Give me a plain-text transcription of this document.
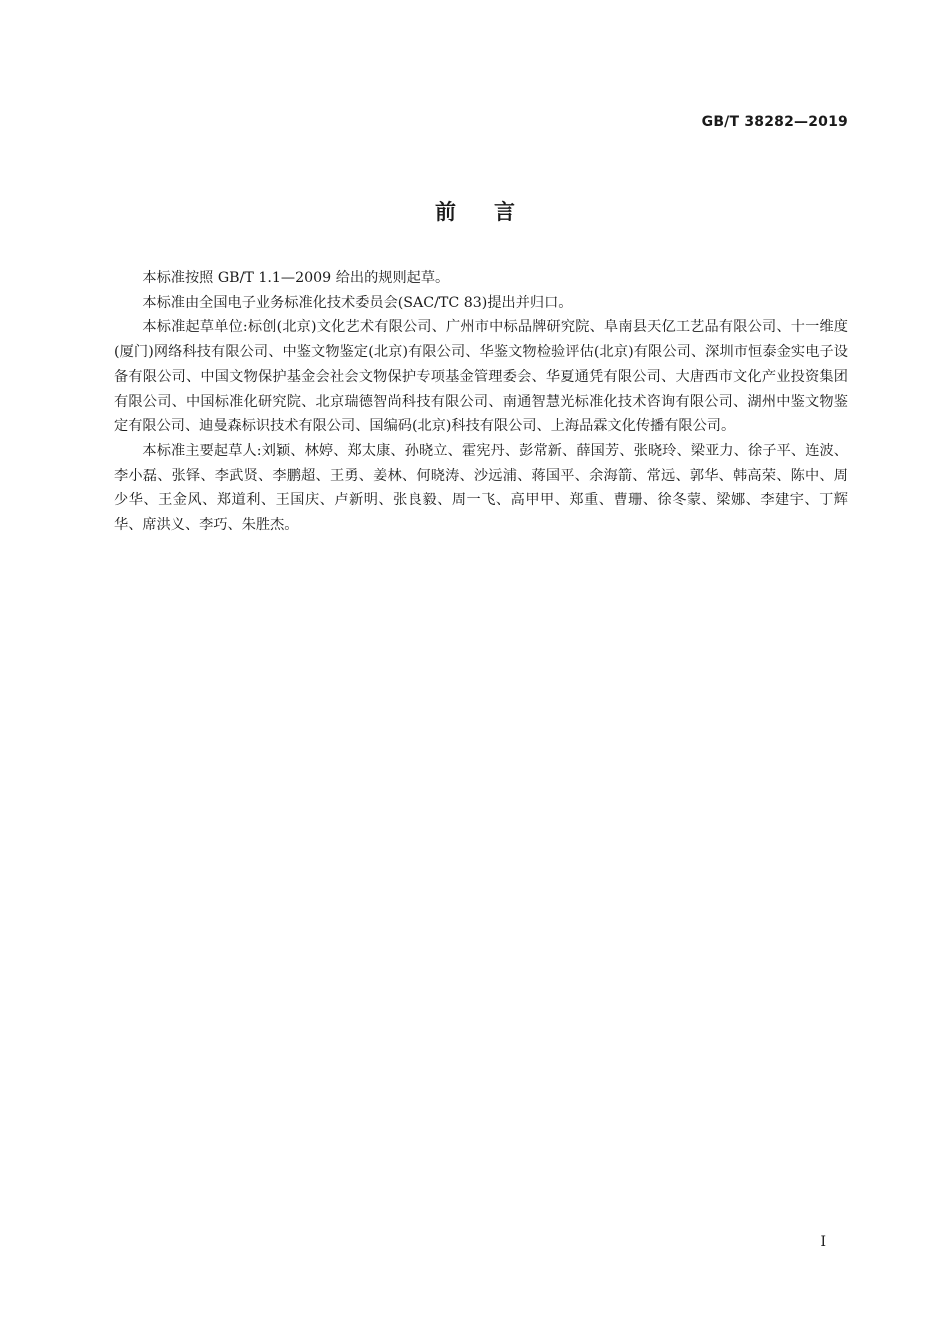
GB/T 38282—2019
前言

本标准按照 GB/T 1.1—2009 给出的规则起草。

本标准由全国电子业务标准化技术委员会(SAC/TC 83)提出并归口。

本标准起草单位:标创(北京)文化艺术有限公司、广州市中标品牌研究院、阜南县天亿工艺品有限公司、十一维度(厦门)网络科技有限公司、中鉴文物鉴定(北京)有限公司、华鉴文物检验评估(北京)有限公司、深圳市恒泰金实电子设备有限公司、中国文物保护基金会社会文物保护专项基金管理委会、华夏通凭有限公司、大唐西市文化产业投资集团有限公司、中国标准化研究院、北京瑞德智尚科技有限公司、南通智慧光标准化技术咨询有限公司、湖州中鉴文物鉴定有限公司、迪曼森标识技术有限公司、国编码(北京)科技有限公司、上海品霖文化传播有限公司。

本标准主要起草人:刘颖、林婷、郑太康、孙晓立、霍宪丹、彭常新、薛国芳、张晓玲、梁亚力、徐子平、连波、李小磊、张铎、李武贤、李鹏超、王勇、姜林、何晓涛、沙远浦、蒋国平、余海箭、常远、郭华、韩高荣、陈中、周少华、王金风、郑道利、王国庆、卢新明、张良毅、周一飞、高甲甲、郑重、曹珊、徐冬蒙、梁娜、李建宇、丁辉华、席洪义、李巧、朱胜杰。

I
